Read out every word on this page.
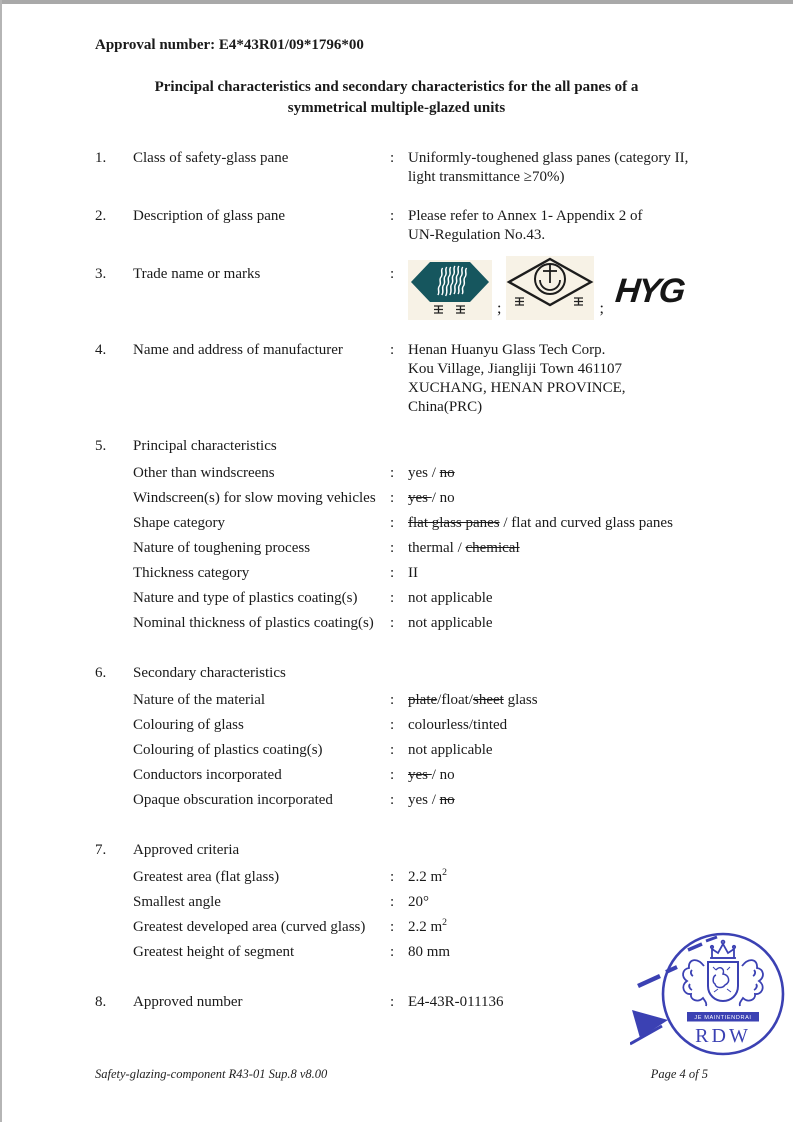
Approval number: E4*43R01/09*1796*00
Principal characteristics and secondary characteristics for the all panes of a
symmetrical multiple-glazed units
1.	Class of safety-glass pane	: Uniformly-toughened glass panes (category II,
light transmittance ≥70%)
2.	Description of glass pane	: Please refer to Annex 1- Appendix 2 of
UN-Regulation No.43.
3.	Trade name or marks	:
;	; HYG
4.	Name and address of manufacturer	: Henan Huanyu Glass Tech Corp.
Kou Village, Jiangliji Town 461107
XUCHANG, HENAN PROVINCE,
China(PRC)
5.	Principal characteristics
Other than windscreens	: yes / no
Windscreen(s) for slow moving vehicles : yes / no
Shape category	: flat glass panes / flat and curved glass panes
Nature of toughening process	: thermal / chemical
Thickness category	: II
Nature and type of plastics coating(s)	: not applicable
Nominal thickness of plastics coating(s)	: not applicable
6.	Secondary characteristics
Nature of the material	: plate/float/sheet glass
Colouring of glass	: colourless/tinted
Colouring of plastics coating(s)	: not applicable
Conductors incorporated	: yes / no
Opaque obscuration incorporated	: yes / no
7.	Approved criteria
Greatest area (flat glass)	: 2.2 $m^2$
Smallest angle	: 20°
Greatest developed area (curved glass)	: 2.2 $m^2$
Greatest height of segment	: 80 mm
8.	Approved number	: E4-43R-011136
JE MAINTIENDRAI
RDW
Safety-glazing-component R43-01 Sup.8 v8.00	Page 4 of 5
